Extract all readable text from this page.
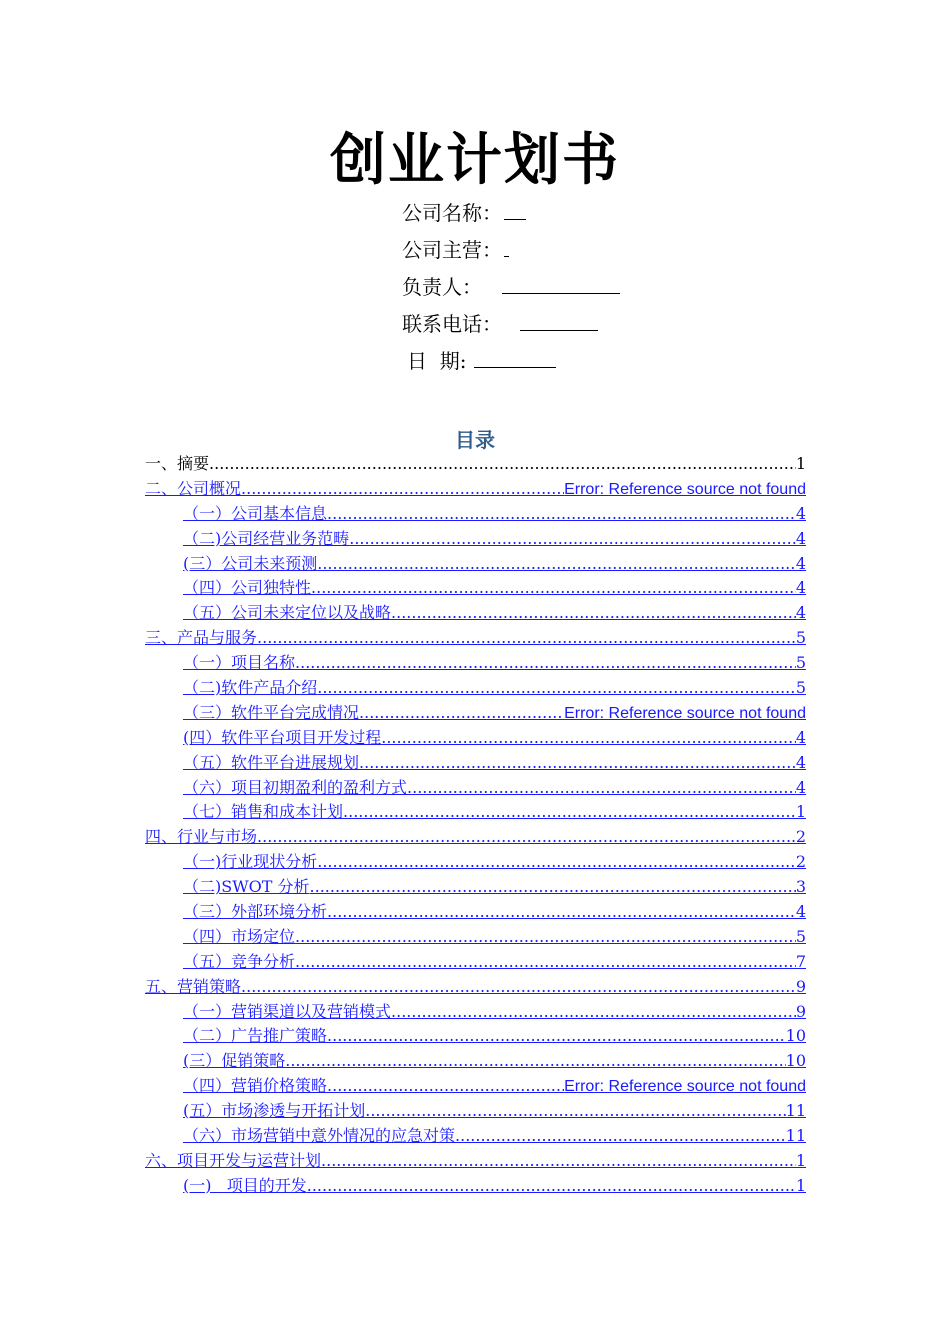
创业计划书
公司名称：
公司主营：
负责人：
联系电话：
日  期:
目录
一、摘要 .....	1
二、公司概况 .....	Error: Reference source not found
（一）公司基本信息 .....	4
（二)公司经营业务范畴 .....	4
(三）公司未来预测 .....	4
（四）公司独特性 .....	4
（五）公司未来定位以及战略 .....	4
三、产品与服务 .....	5
（一）项目名称 .....	5
（二)软件产品介绍 .....	5
（三）软件平台完成情况 .....	Error: Reference source not found
(四）软件平台项目开发过程 .....	4
（五）软件平台进展规划 .....	4
（六）项目初期盈利的盈利方式 .....	4
（七）销售和成本计划 .....	1
四、行业与市场 .....	2
（一)行业现状分析 .....	2
（二)SWOT 分析 .....	3
（三）外部环境分析 .....	4
（四）市场定位 .....	5
（五）竞争分析 .....	7
五、营销策略 .....	9
（一）营销渠道以及营销模式 .....	9
（二）广告推广策略 .....	10
(三）促销策略 .....	10
（四）营销价格策略 .....	Error: Reference source not found
(五）市场渗透与开拓计划 .....	11
（六）市场营销中意外情况的应急对策 .....	11
六、项目开发与运营计划 .....	1
(一)   项目的开发 .....	1
